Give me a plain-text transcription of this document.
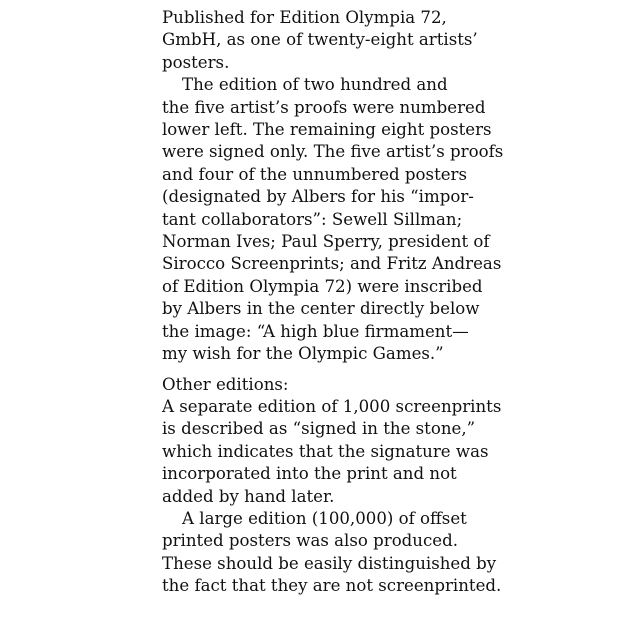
Published for Edition Olympia 72,
GmbH, as one of twenty-eight artists’
posters.
The edition of two hundred and
the five artist’s proofs were numbered
lower left. The remaining eight posters
were signed only. The five artist’s proofs
and four of the unnumbered posters
(designated by Albers for his “impor-
tant collaborators”: Sewell Sillman;
Norman Ives; Paul Sperry, president of
Sirocco Screenprints; and Fritz Andreas
of Edition Olympia 72) were inscribed
by Albers in the center directly below
the image: “A high blue firmament—
my wish for the Olympic Games.”
Other editions:
A separate edition of 1,000 screenprints
is described as “signed in the stone,”
which indicates that the signature was
incorporated into the print and not
added by hand later.
A large edition (100,000) of offset
printed posters was also produced.
These should be easily distinguished by
the fact that they are not screenprinted.
